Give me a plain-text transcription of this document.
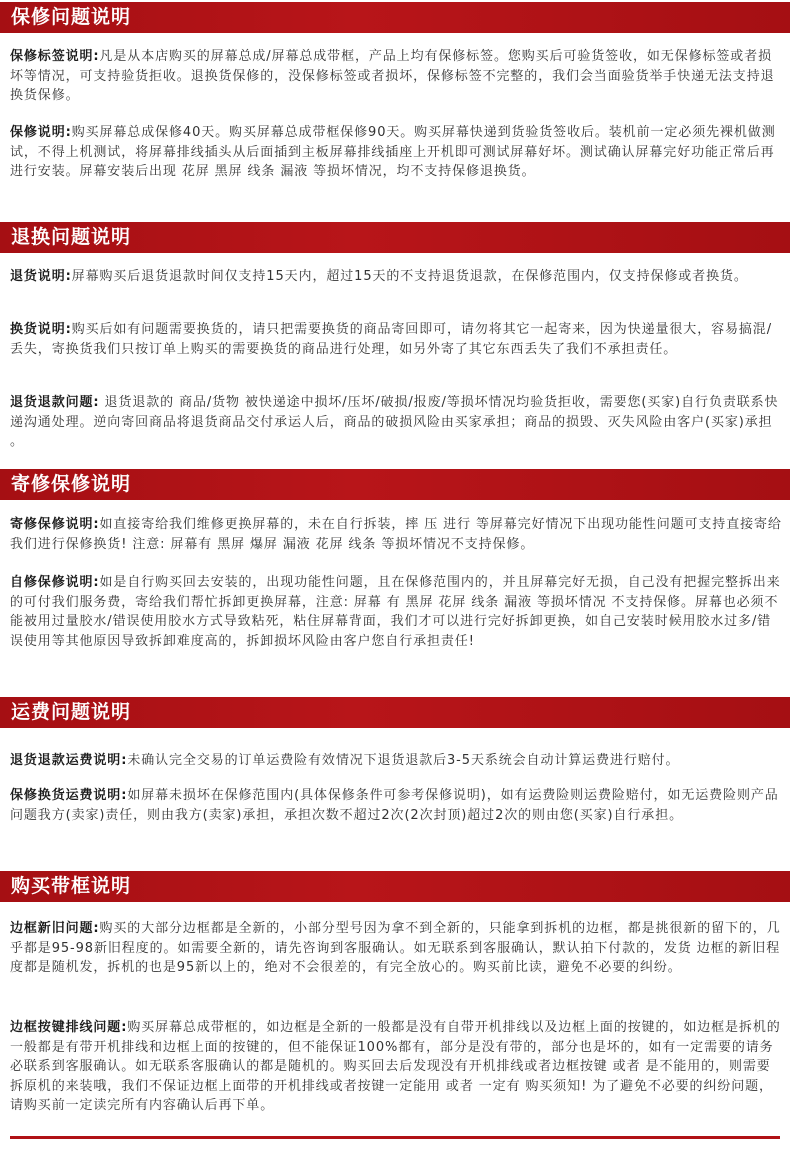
保修问题说明

保修标签说明:凡是从本店购买的屏幕总成/屏幕总成带框，产品上均有保修标签。您购买后可验货签收，如无保修标签或者损坏等情况，可支持验货拒收。退换货保修的，没保修标签或者损坏，保修标签不完整的，我们会当面验货举手快递无法支持退换货保修。

保修说明:购买屏幕总成保修40天。购买屏幕总成带框保修90天。购买屏幕快递到货验货签收后。装机前一定必须先裸机做测试，不得上机测试，将屏幕排线插头从后面插到主板屏幕排线插座上开机即可测试屏幕好坏。测试确认屏幕完好功能正常后再进行安装。屏幕安装后出现 花屏 黑屏 线条 漏液 等损坏情况，均不支持保修退换货。

退换问题说明

退货说明:屏幕购买后退货退款时间仅支持15天内，超过15天的不支持退货退款，在保修范围内，仅支持保修或者换货。

换货说明:购买后如有问题需要换货的，请只把需要换货的商品寄回即可，请勿将其它一起寄来，因为快递量很大，容易搞混/丢失，寄换货我们只按订单上购买的需要换货的商品进行处理，如另外寄了其它东西丢失了我们不承担责任。

退货退款问题: 退货退款的 商品/货物 被快递途中损坏/压坏/破损/报废/等损坏情况均验货拒收，需要您(买家)自行负责联系快递沟通处理。逆向寄回商品将退货商品交付承运人后，商品的破损风险由买家承担；商品的损毁、灭失风险由客户(买家)承担 。

寄修保修说明

寄修保修说明:如直接寄给我们维修更换屏幕的，未在自行拆装，摔 压 进行 等屏幕完好情况下出现功能性问题可支持直接寄给我们进行保修换货! 注意: 屏幕有 黑屏 爆屏 漏液 花屏 线条 等损坏情况不支持保修。

自修保修说明:如是自行购买回去安装的，出现功能性问题，且在保修范围内的，并且屏幕完好无损，自己没有把握完整拆出来的可付我们服务费，寄给我们帮忙拆卸更换屏幕，注意: 屏幕 有 黑屏 花屏 线条 漏液 等损坏情况 不支持保修。屏幕也必须不能被用过量胶水/错误使用胶水方式导致粘死，粘住屏幕背面，我们才可以进行完好拆卸更换，如自己安装时候用胶水过多/错误使用等其他原因导致拆卸难度高的，拆卸损坏风险由客户您自行承担责任!

运费问题说明

退货退款运费说明:未确认完全交易的订单运费险有效情况下退货退款后3-5天系统会自动计算运费进行赔付。

保修换货运费说明:如屏幕未损坏在保修范围内(具体保修条件可参考保修说明)，如有运费险则运费险赔付，如无运费险则产品问题我方(卖家)责任，则由我方(卖家)承担，承担次数不超过2次(2次封顶)超过2次的则由您(买家)自行承担。

购买带框说明

边框新旧问题:购买的大部分边框都是全新的，小部分型号因为拿不到全新的，只能拿到拆机的边框，都是挑很新的留下的，几乎都是95-98新旧程度的。如需要全新的，请先咨询到客服确认。如无联系到客服确认，默认拍下付款的，发货 边框的新旧程度都是随机发，拆机的也是95新以上的，绝对不会很差的，有完全放心的。购买前比读，避免不必要的纠纷。

边框按键排线问题:购买屏幕总成带框的，如边框是全新的一般都是没有自带开机排线以及边框上面的按键的，如边框是拆机的一般都是有带开机排线和边框上面的按键的，但不能保证100%都有，部分是没有带的，部分也是坏的，如有一定需要的请务必联系到客服确认。如无联系客服确认的都是随机的。购买回去后发现没有开机排线或者边框按键 或者 是不能用的，则需要拆原机的来装哦，我们不保证边框上面带的开机排线或者按键一定能用 或者 一定有 购买须知! 为了避免不必要的纠纷问题，请购买前一定读完所有内容确认后再下单。
